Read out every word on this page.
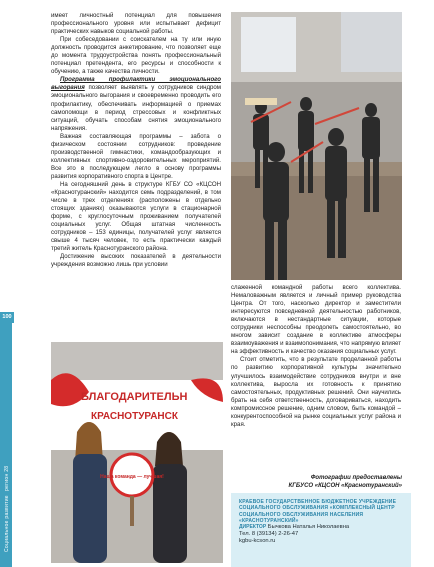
100
Социальное развитие
регион 28

имеет личностный потенциал для повышения профессионального уровня или испытывает дефицит практических навыков социальной работы.

При собеседовании с соискателем на ту или иную должность проводится анкетирование, что позволяет еще до момента трудоустройства понять профессиональный потенциал претендента, его ресурсы и способности к обучению, а также качества личности.

Программа профилактики эмоционального выгорания позволяет выявлять у сотрудников синдром эмоционального выгорания и своевременно проводить его профилактику, обеспечивать информацией о приемах самопомощи в период стрессовых и конфликтных ситуаций, обучать способам снятия эмоционального напряжения.

Важная составляющая программы – забота о физическом состоянии сотрудников: проведение производственной гимнастики, командообразующих и коллективных спортивно-оздоровительных мероприятий. Все это в последующем легло в основу программы развития корпоративного спорта в Центре.

На сегодняшний день в структуре КГБУ СО «КЦСОН «Краснотуранский» находится семь подразделений, в том числе в трех отделениях (расположены в отдельно стоящих зданиях) оказываются услуги в стационарной форме, с круглосуточным проживанием получателей социальных услуг. Общая штатная численность сотрудников – 153 единицы, получателей услуг является свыше 4 тысяч человек, то есть практически каждый третий житель Краснотуранского района.

Достижение высоких показателей в деятельности учреждения возможно лишь при условии

слаженной командной работы всего коллектива. Немаловажным является и личный пример руководства Центра. От того, насколько директор и заместители интересуются повседневной деятельностью работников, включаются в нестандартные ситуации, которые сотрудники неспособны преодолеть самостоятельно, во многом зависит создание в коллективе атмосферы взаимоуважения и взаимопонимания, что напрямую влияет на эффективность и качество оказания социальных услуг.

Стоит отметить, что в результате проделанной работы по развитию корпоративной культуры значительно улучшилось взаимодействие сотрудников внутри и вне коллектива, выросла их готовность к принятию самостоятельных, продуктивных решений. Они научились брать на себя ответственность, договариваться, находить компромиссное решение, одним словом, быть командой – конкурентоспособной на рынке социальных услуг района и края.

БЛАГОДАРИТЕЛЬН
КРАСНОТУРАНСК
Наша команда — лучшая!	Фотографии предоставлены
КГБУСО «КЦСОН «Краснотуранский»
КРАЕВОЕ ГОСУДАРСТВЕННОЕ БЮДЖЕТНОЕ УЧРЕЖДЕНИЕ СОЦИАЛЬНОГО ОБСЛУЖИВАНИЯ «КОМПЛЕКСНЫЙ ЦЕНТР СОЦИАЛЬНОГО ОБСЛУЖИВАНИЯ НАСЕЛЕНИЯ «КРАСНОТУРАНСКИЙ»
ДИРЕКТОР Бычкова Наталья Николаевна
Тел. 8 (39134) 2-26-47
kgbu-kcson.ru
